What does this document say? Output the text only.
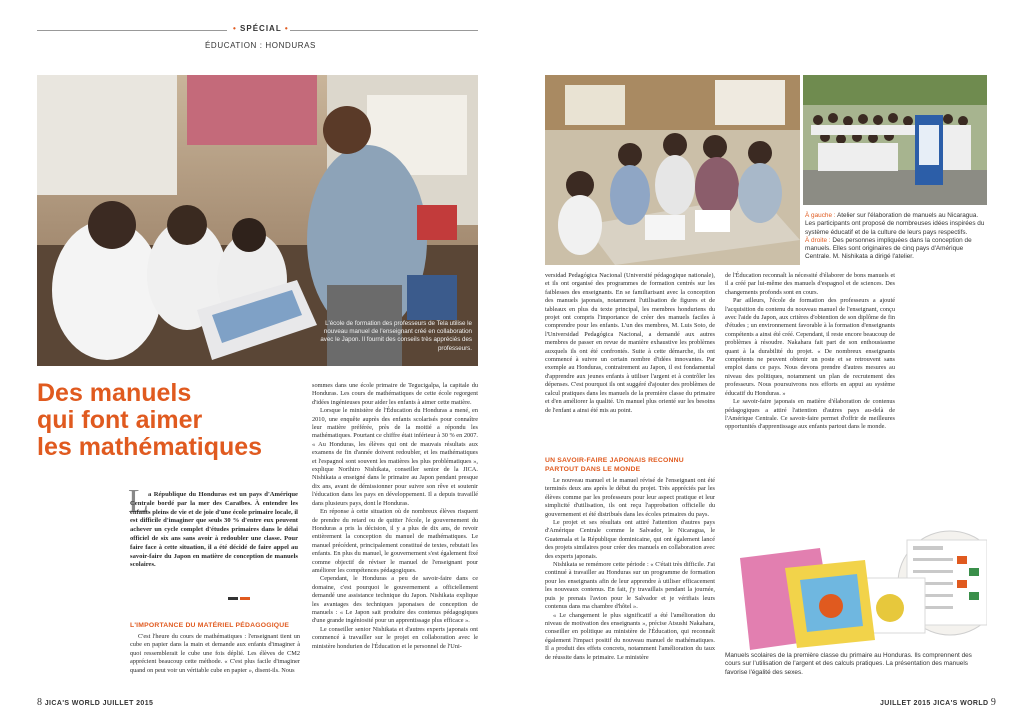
• SPÉCIAL •
ÉDUCATION : HONDURAS
L'école de formation des professeurs de Tela utilise le nouveau manuel de l'enseignant créé en collaboration avec le Japon. Il fournit des conseils très appréciés des professeurs.
Des manuels
qui font aimer
les mathématiques
L a République du Honduras est un pays d'Amérique Centrale bordé par la mer des Caraïbes. À entendre les enfants pleins de vie et de joie d'une école primaire locale, il est difficile d'imaginer que seuls 30 % d'entre eux peuvent achever un cycle complet d'études primaires dans le délai officiel de six ans sans avoir à redoubler une classe. Pour faire face à cette situation, il a été décidé de faire appel au savoir-faire du Japon en matière de conception de manuels scolaires.
L'IMPORTANCE DU MATÉRIEL PÉDAGOGIQUE

C'est l'heure du cours de mathématiques : l'enseignant tient un cube en papier dans la main et demande aux enfants d'imaginer à quoi ressemblerait le cube une fois déplié. Les élèves de CM2 apprécient beaucoup cette méthode. « C'est plus facile d'imaginer quand on peut voir un véritable cube en papier », disent-ils. Nous

sommes dans une école primaire de Tegucigalpa, la capitale du Honduras. Les cours de mathématiques de cette école regorgent d'idées ingénieuses pour aider les enfants à aimer cette matière.

Lorsque le ministère de l'Éducation du Honduras a mené, en 2010, une enquête auprès des enfants scolarisés pour connaître leur matière préférée, près de la moitié a répondu les mathématiques. Pourtant ce chiffre était inférieur à 30 % en 2007. « Au Honduras, les élèves qui ont de mauvais résultats aux examens de fin d'année doivent redoubler, et les mathématiques et l'espagnol sont souvent les matières les plus problématiques », explique Norihiro Nishikata, conseiller senior de la JICA. Nishikata a enseigné dans le primaire au Japon pendant presque dix ans, avant de démissionner pour suivre son rêve et soutenir l'éducation dans les pays en développement. Il a depuis travaillé dans plusieurs pays, dont le Honduras.

En réponse à cette situation où de nombreux élèves risquent de prendre du retard ou de quitter l'école, le gouvernement du Honduras a pris la décision, il y a plus de dix ans, de revoir entièrement la conception du manuel de mathématiques. Le manuel précédent, principalement constitué de textes, rebutait les enfants. En plus du manuel, le gouvernement s'est également fixé comme objectif de réviser le manuel de l'enseignant pour améliorer les compétences pédagogiques.

Cependant, le Honduras a peu de savoir-faire dans ce domaine, c'est pourquoi le gouvernement a officiellement demandé une assistance technique du Japon. Nishikata explique les avantages des techniques japonaises de conception de manuels : « Le Japon sait produire des contenus pédagogiques d'une grande ingéniosité pour un apprentissage plus efficace ».

Le conseiller senior Nishikata et d'autres experts japonais ont commencé à travailler sur le projet en collaboration avec le ministère hondurien de l'Éducation et le personnel de l'Uni-

À gauche : Atelier sur l'élaboration de manuels au Nicaragua. Les participants ont proposé de nombreuses idées inspirées du système éducatif et de la culture de leurs pays respectifs.
À droite : Des personnes impliquées dans la conception de manuels. Elles sont originaires de cinq pays d'Amérique Centrale. M. Nishikata a dirigé l'atelier.

versidad Pedagógica Nacional (Université pédagogique nationale), et ils ont organisé des programmes de formation centrés sur les faiblesses des enseignants. En se familiarisant avec la conception des manuels japonais, notamment l'utilisation de figures et de tableaux en plus du texte principal, les membres honduriens du projet ont compris l'importance de créer des manuels faciles à comprendre pour les enfants. L'un des membres, M. Luis Soto, de l'Universidad Pedagógica Nacional, a demandé aux autres membres de passer en revue de manière exhaustive les problèmes auxquels ils ont été confrontés. Suite à cette démarche, ils ont commencé à suivre un certain nombre d'idées innovantes. Par exemple au Honduras, contrairement au Japon, il est fondamental d'apprendre aux jeunes enfants à utiliser l'argent et à contrôler les dépenses. C'est pourquoi ils ont suggéré d'ajouter des problèmes de calcul pratiques dans les manuels de la première classe du primaire et d'en améliorer la qualité. Un manuel plus orienté sur les besoins de l'enfant a ainsi été mis au point.

UN SAVOIR-FAIRE JAPONAIS RECONNU PARTOUT DANS LE MONDE

Le nouveau manuel et le manuel révisé de l'enseignant ont été terminés deux ans après le début du projet. Très appréciés par les élèves comme par les professeurs pour leur aspect pratique et leur simplicité d'utilisation, ils ont reçu l'approbation officielle du gouvernement et été distribués dans les écoles primaires du pays.

Le projet et ses résultats ont attiré l'attention d'autres pays d'Amérique Centrale comme le Salvador, le Nicaragua, le Guatemala et la République dominicaine, qui ont également lancé des projets similaires pour créer des manuels en collaboration avec des experts japonais.

Nishikata se remémore cette période : « C'était très difficile. J'ai continué à travailler au Honduras sur un programme de formation pour les enseignants afin de leur apprendre à utiliser efficacement les nouveaux contenus. En fait, j'y travaillais pendant la journée, puis je prenais l'avion pour le Salvador et je vérifiais leurs contenus dans ma chambre d'hôtel ».

« Le changement le plus significatif a été l'amélioration du niveau de motivation des enseignants », précise Atsushi Nakahara, conseiller en politique au ministère de l'Éducation, qui reconnaît également l'impact positif du nouveau manuel de mathématiques. Il a produit des effets concrets, notamment l'amélioration du taux de réussite dans le primaire. Le ministère

de l'Éducation reconnaît la nécessité d'élaborer de bons manuels et il a créé par lui-même des manuels d'espagnol et de sciences. Des changements profonds sont en cours.

Par ailleurs, l'école de formation des professeurs a ajouté l'acquisition du contenu du nouveau manuel de l'enseignant, conçu avec l'aide du Japon, aux critères d'obtention de son diplôme de fin d'études ; un environnement favorable à la formation d'enseignants compétents a ainsi été créé. Cependant, il reste encore beaucoup de problèmes à résoudre. Nakahara fait part de son enthousiasme quant à la durabilité du projet. « De nombreux enseignants compétents ne peuvent obtenir un poste et se retrouvent sans emploi dans ce pays. Nous devons prendre d'autres mesures au niveau des politiques, notamment un plan de recrutement des professeurs. Nous poursuivrons nos efforts en appui au système éducatif du Honduras. »

Le savoir-faire japonais en matière d'élaboration de contenus pédagogiques a attiré l'attention d'autres pays au-delà de l'Amérique Centrale. Ce savoir-faire permet d'offrir de meilleures opportunités d'apprentissage aux enfants partout dans le monde.

Manuels scolaires de la première classe du primaire au Honduras. Ils comprennent des cours sur l'utilisation de l'argent et des calculs pratiques. La présentation des manuels favorise l'égalité des sexes.
8 JICA'S WORLD JUILLET 2015	JUILLET 2015 JICA'S WORLD 9
